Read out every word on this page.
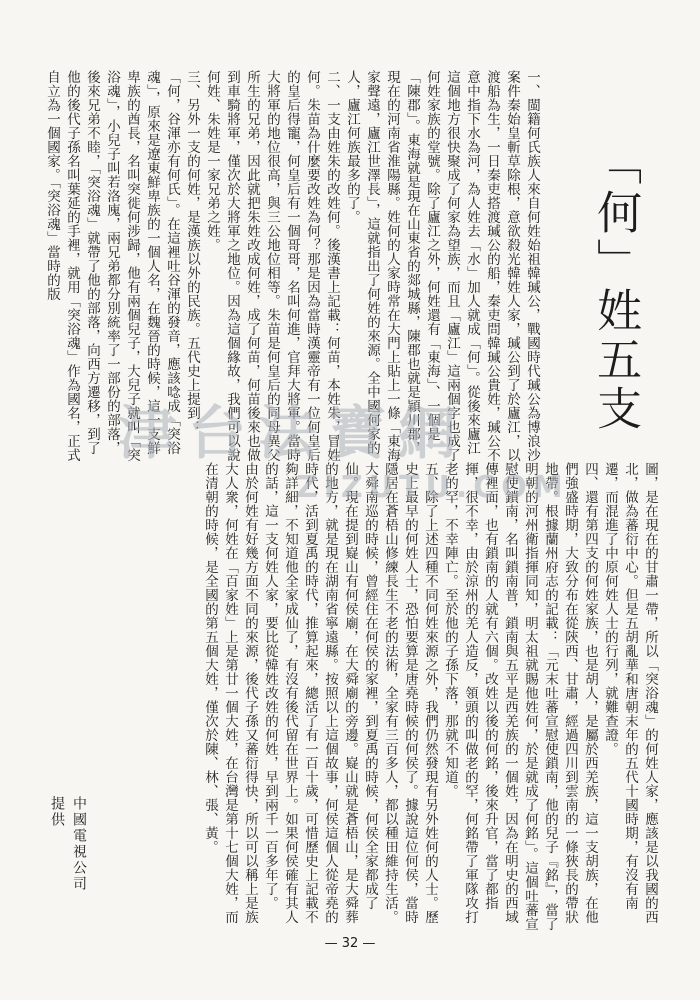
「何」姓五支

一、閩籍何氏族人來自何姓始祖韓瑊公，戰國時代瑊公為博浪沙案件秦始皇斬草除根，意欲殺光韓姓人家，瑊公到了於廬江，以渡船為生，一日秦吏搭渡瑊公的船，秦吏問韓瑊公貴姓，瑊公不意中指下水為河，為人姓去「水」加人就成「何」。從後來廬江這個地方很快聚成了何家為望族，而且「廬江」這兩個字也成了何姓家族的堂號。除了廬江之外，何姓還有「東海」、一個是「陳郡」。東海就是現在山東省的郯城縣，陳郡也就是穎川郡，現在的河南省淮陽縣。姓何的人家時常在大門上貼上一條「東海家聲遠，廬江世澤長」，這就指出了何姓的來源。全中國何家的人，廬江何族最多的了。

二、一支由姓朱的改姓何。後漢書上記載：何苗，本姓朱，冒姓何。朱苗為什麼要改姓為何？那是因為當時漢靈帝有一位何皇后的皇后得寵，何皇后有一個哥哥，名叫何進，官拜大將軍。當時大將軍的地位很高，與三公地位相等。朱苗是何皇后的同母異父所生的兄弟，因此就把朱姓改成何姓，成了何苗，何苗後來也做到車騎將軍，僅次於大將軍之地位。因為這個緣故，我們可以說何姓、朱姓是一家兄弟之姓。

三、另外一支的何姓，是漢族以外的民族。五代史上提到：「何，谷渾亦有何氏」。在這裡吐谷渾的發音，應該唸成「突浴魂」，原來是遼東鮮卑族的一個人名，在魏晉的時候，這一支鮮卑族的酋長，名叫突徙何涉歸，他有兩個兒子，大兒子就叫「突浴魂」，小兒子叫若洛廆，兩兄弟都分別統率了一部份的部落，後來兄弟不睦，「突浴魂」就帶了他的部落，向西方遷移，到了他的後代子孫名叫葉延的手裡，就用「突浴魂」作為國名，正式自立為一個國家。「突浴魂」當時的版

圖，是在現在的甘肅一帶，所以「突浴魂」的何姓人家，應該是以我國的西北，做為蕃衍中心。但是五胡亂華和唐朝末年的五代十國時期，有沒有南遷，而混進了中原何姓人士的行列，就難查證。

四、還有第四支的何姓家族，也是胡人，是屬於西羌族，這一支胡族，在他們強盛時期，大致分布在從陝西、甘肅，經過四川到雲南的一條狹長的帶狀地帶。根據蘭州府志的記載：「元末吐蕃宣慰使鎖南，他的兒子『銘』，當了明朝的河州衛指揮同知，明太祖就賜他姓何，於是就成了何銘」。這個吐蕃宣慰使鎖南，名叫鎖南普，鎖南與五平是西羌族的一個姓，因為在明史的西域傳裡面，也有鎖南的人就有六個。改姓以後的何銘，後來升官，當了都指揮，很不幸，由於涼州的羌人造反，領頭的叫做老的罕，何銘帶了軍隊攻打老的罕，不幸陣亡。至於他的子孫下落，那就不知道。

五、除了上述四種不同何姓來源之外，我們仍然發現有另外姓何的人士。歷史上最早的何姓人士，恐怕要算是唐堯時候的何侯了。據說這位何侯，當時隱居在蒼梧山修練長生不老的法術，全家有三百多人，都以種田維持生活。大舜南巡的時候，曾經住在何侯的家裡，到夏禹的時候，何侯全家都成了仙。現在提到嶷山有何侯廟，在大舜廟的旁邊。嶷山就是蒼梧山，是大舜葬的地方，就是現在湖南省寧遠縣。按照以上這個故事，何侯這個人從帝堯的時代，活到夏禹的時代，推算起來，總活了有一百十歲，可惜歷史上記載不夠詳細，不知道他全家成仙了，有沒有後代留在世界上。如果何侯確有其人的話，這一支何姓人家，要比從韓姓改姓的何姓，早到兩千一百多年了。

由於何姓有好幾方面不同的來源，後代子孫又蕃衍得快，所以可以稱上是族大人衆，何姓在「百家姓」上是第廿一個大姓，在台灣是第十七個大姓，而在清朝的時候，是全國的第五個大姓，僅次於陳、林、張、黃。

中國電視公司提供
— 32 —
津台法寶網
ZIZUTU.COM
